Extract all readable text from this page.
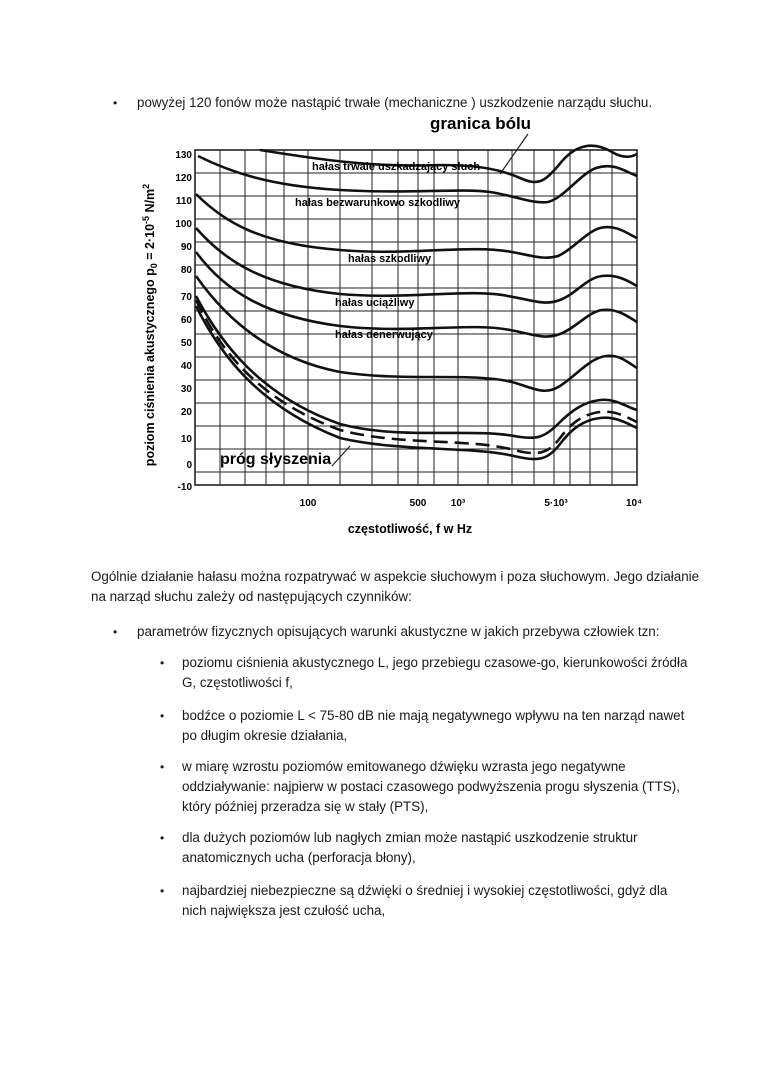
• powyżej 120 fonów może nastąpić trwałe (mechaniczne ) uszkodzenie narządu słuchu.

poziom ciśnienia akustycznego $p_0 = 2\cdot 10^{-5}$ $N/m^2$
130
120
110
100
90
80
70
60
50
40
30
20
10
0
-10
100	500 10³	5·10³	10⁴
częstotliwość, f w Hz
granica bólu
hałas trwale uszkadzający słuch
hałas bezwarunkowo szkodliwy
hałas szkodliwy
hałas uciążliwy
hałas denerwujący
próg słyszenia

Ogólnie działanie hałasu można rozpatrywać w aspekcie słuchowym i poza słuchowym. Jego działanie

na narząd słuchu zależy od następujących czynników:

• parametrów fizycznych opisujących warunki akustyczne w jakich przebywa człowiek tzn:

• poziomu ciśnienia akustycznego L, jego przebiegu czasowe-go, kierunkowości źródła

G, częstotliwości f,

• bodźce o poziomie L < 75-80 dB nie mają negatywnego wpływu na ten narząd nawet

po długim okresie działania,

• w miarę wzrostu poziomów emitowanego dźwięku wzrasta jego negatywne

oddziaływanie: najpierw w postaci czasowego podwyższenia progu słyszenia (TTS),

który później przeradza się w stały (PTS),

• dla dużych poziomów lub nagłych zmian może nastąpić uszkodzenie struktur

anatomicznych ucha (perforacja błony),

• najbardziej niebezpieczne są dźwięki o średniej i wysokiej częstotliwości, gdyż dla

nich największa jest czułość ucha,
